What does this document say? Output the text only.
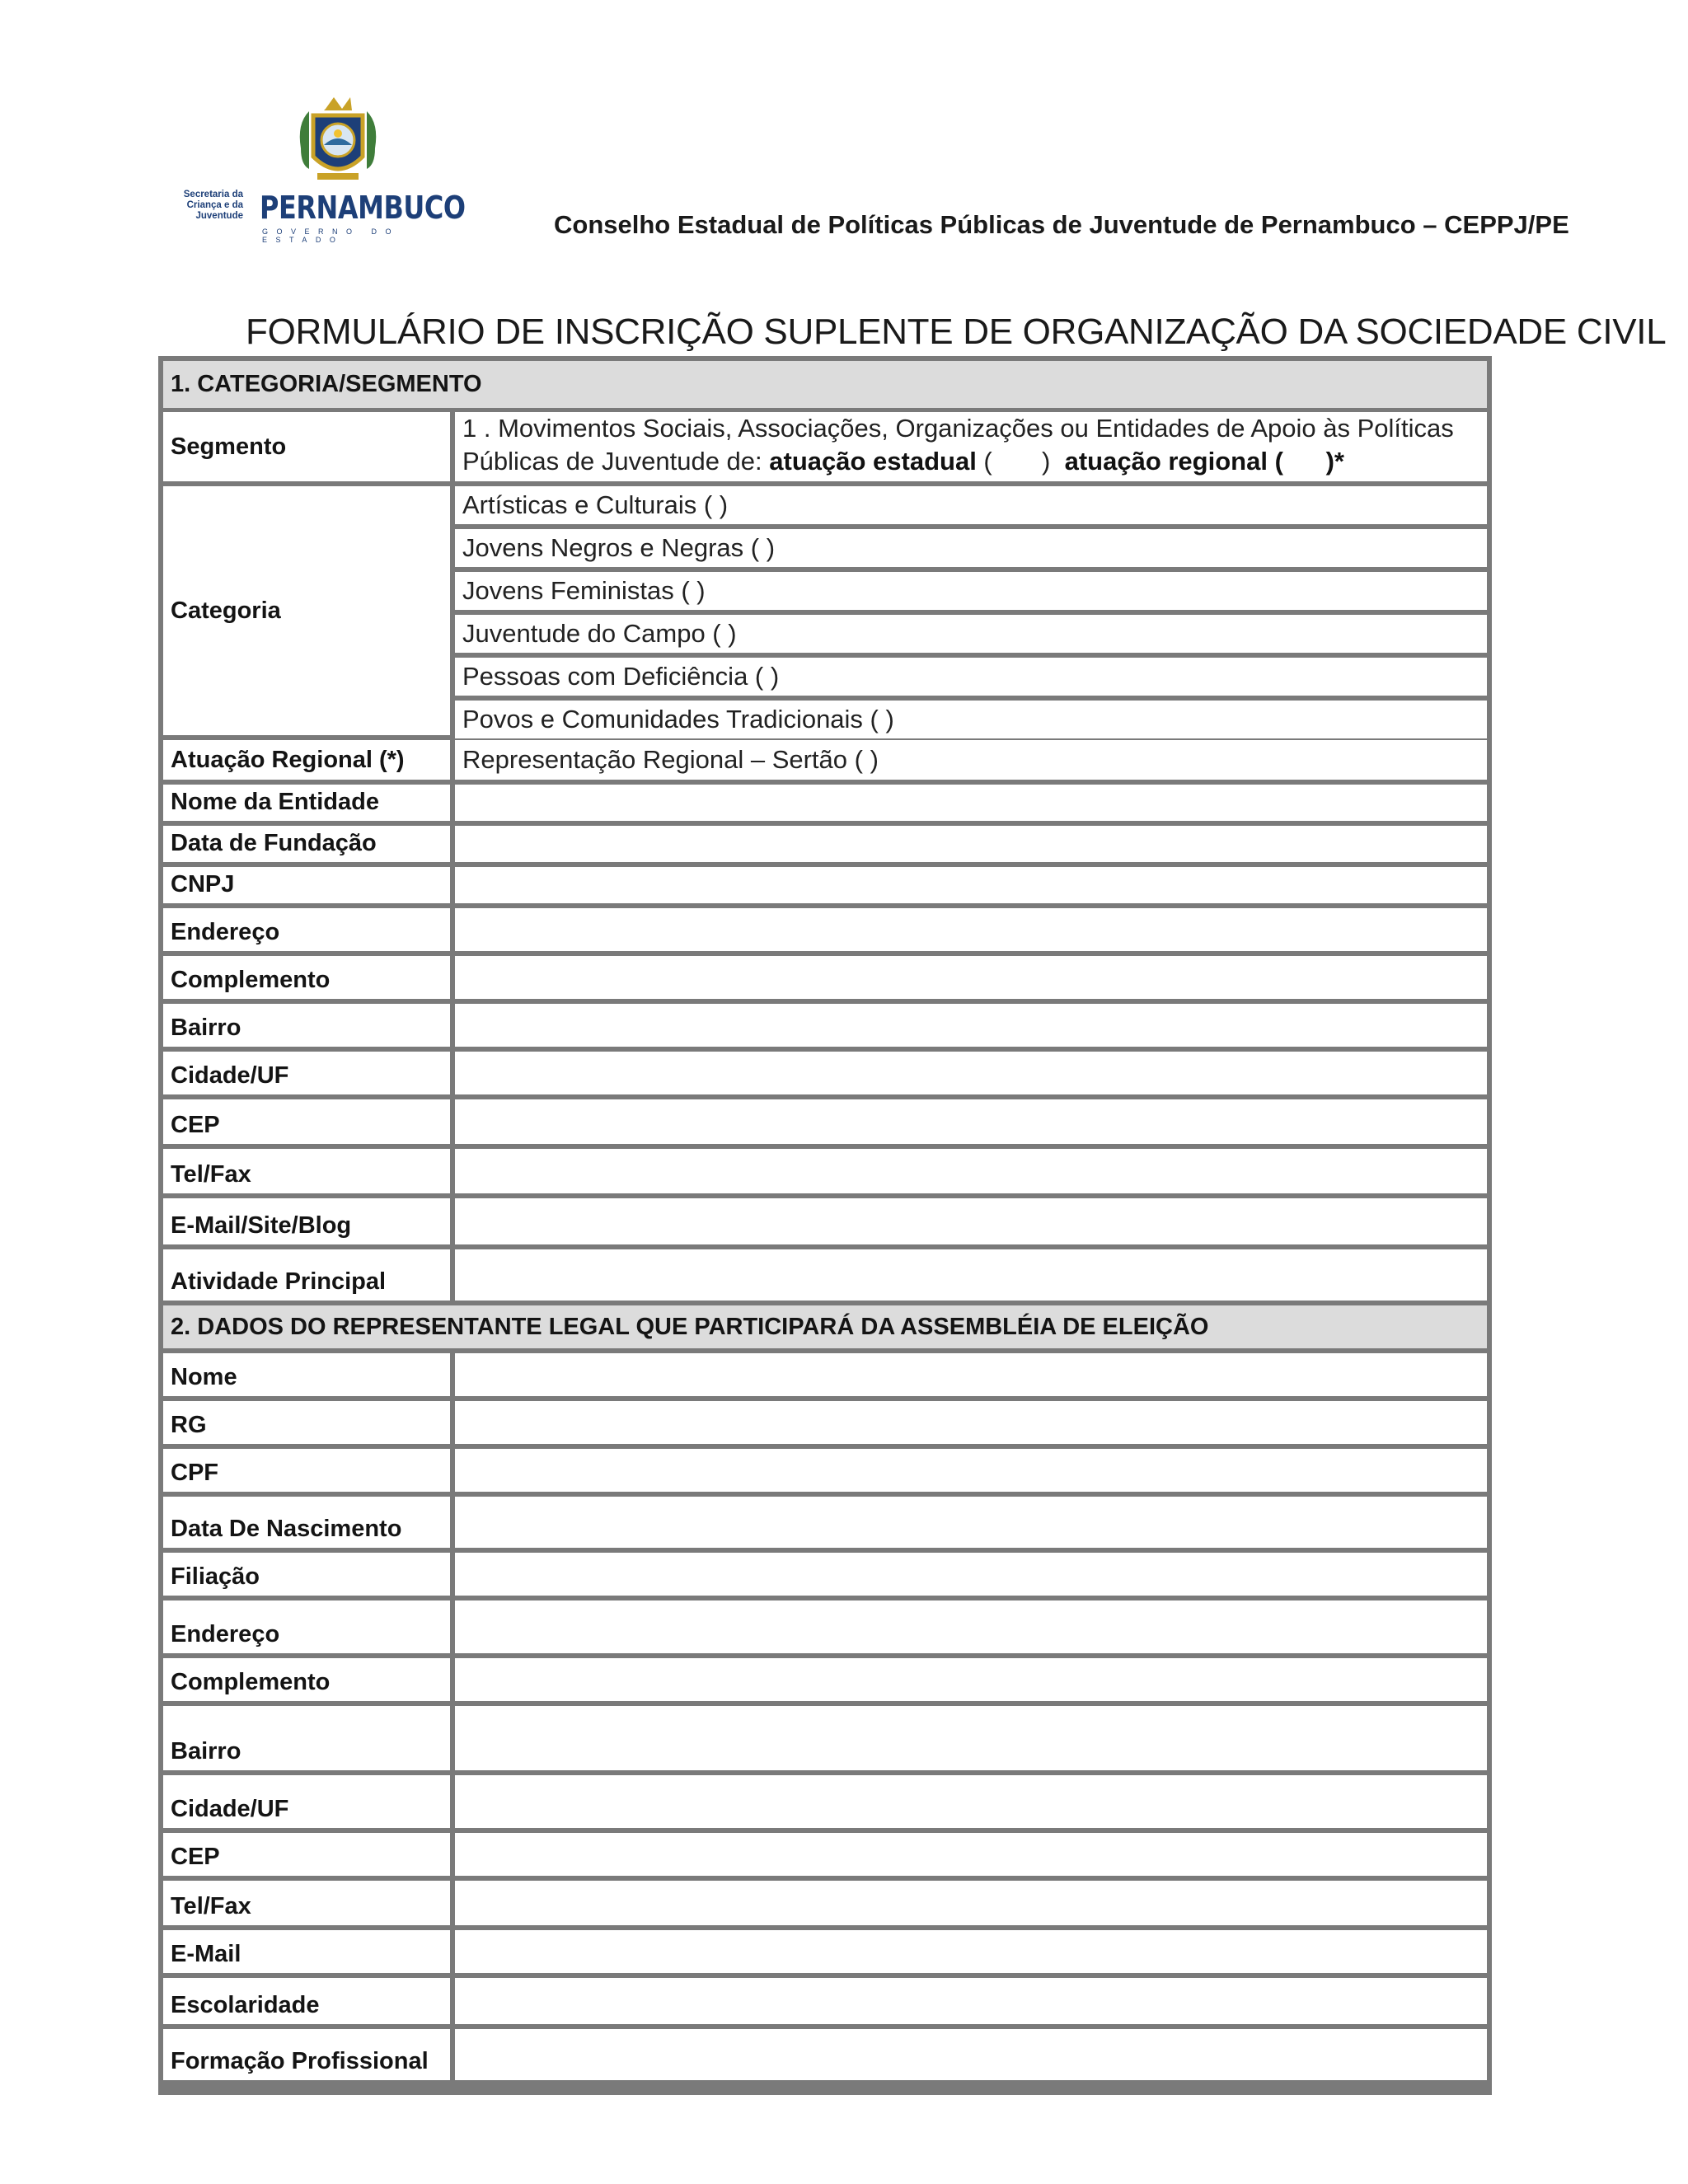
Secretaria da
Criança e da
Juventude PERNAMBUCO
GOVERNO DO ESTADO
Conselho Estadual de Políticas Públicas de Juventude de Pernambuco – CEPPJ/PE
FORMULÁRIO DE INSCRIÇÃO SUPLENTE DE ORGANIZAÇÃO DA SOCIEDADE CIVIL
1. CATEGORIA/SEGMENTO
Segmento
1 . Movimentos Sociais, Associações, Organizações ou Entidades de Apoio às Políticas
Públicas de Juventude de: atuação estadual (       )  atuação regional (      )*
Categoria
Artísticas e Culturais ( )
Jovens Negros e Negras ( )
Jovens Feministas ( )
Juventude do Campo ( )
Pessoas com Deficiência ( )
Povos e Comunidades Tradicionais ( )
Atuação Regional (*) Representação Regional – Sertão ( )
Nome da Entidade
Data de Fundação
CNPJ
Endereço
Complemento
Bairro
Cidade/UF
CEP
Tel/Fax
E-Mail/Site/Blog
Atividade Principal
2. DADOS DO REPRESENTANTE LEGAL QUE PARTICIPARÁ DA ASSEMBLÉIA DE ELEIÇÃO
Nome
RG
CPF
Data De Nascimento
Filiação
Endereço
Complemento
Bairro
Cidade/UF
CEP
Tel/Fax
E-Mail
Escolaridade
Formação Profissional
